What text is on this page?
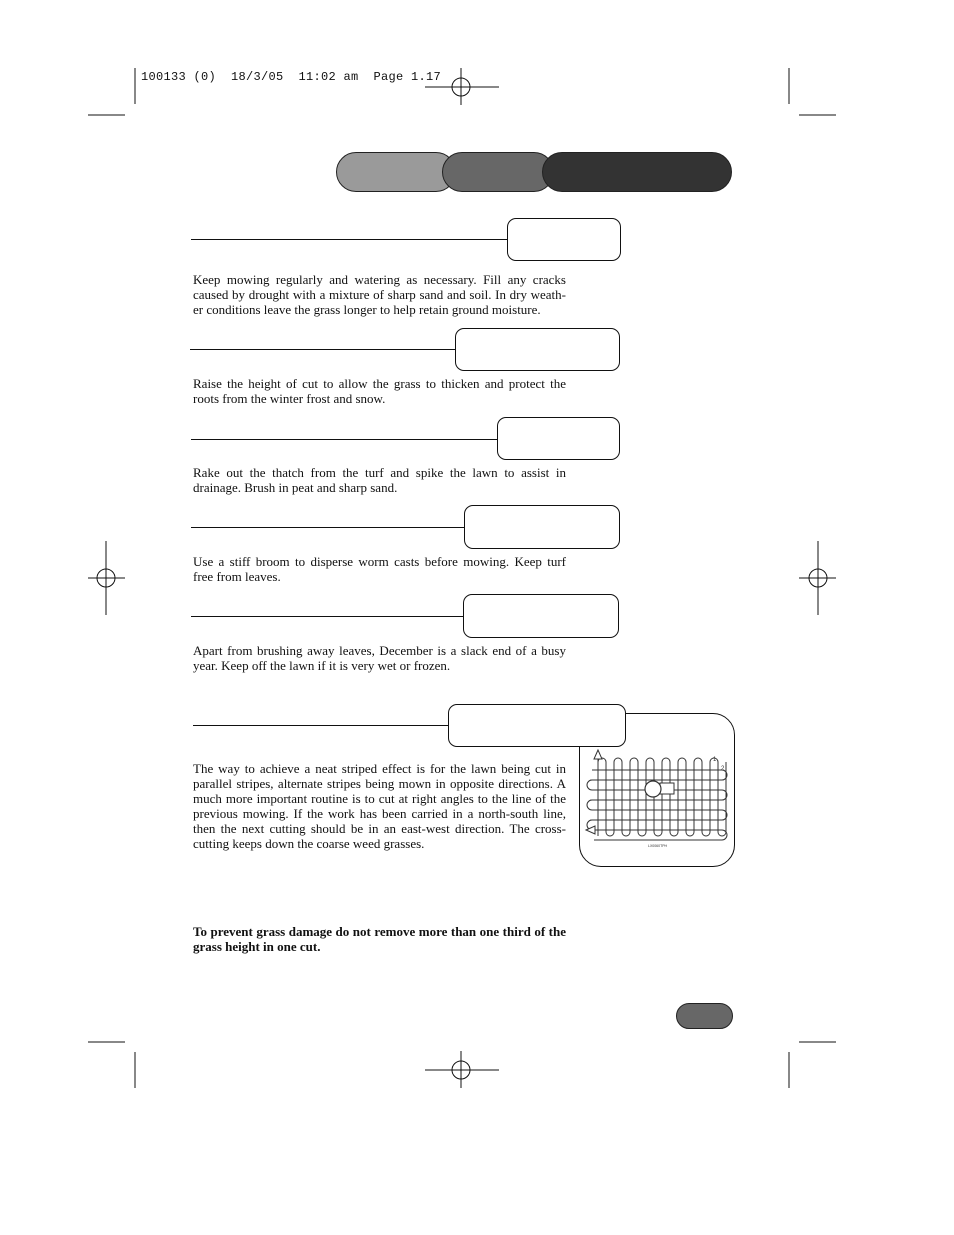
100133 (0)  18/3/05  11:02 am  Page 1.17
Keep mowing regularly and watering as necessary. Fill any cracks caused by drought with a mixture of sharp sand and soil. In dry weath-er conditions leave the grass longer to help retain ground moisture.
Raise the height of cut to allow the grass to thicken and protect the roots from the winter frost and snow.
Rake out the thatch from the turf and spike the lawn to assist in drainage. Brush in peat and sharp sand.
Use a stiff broom to disperse worm casts before mowing. Keep turf free from leaves.
Apart from brushing away leaves, December is a slack end of a busy year. Keep off the lawn if it is very wet or frozen.
1
2
LX0060TPH
The way to achieve a neat striped effect is for the lawn being cut in parallel stripes, alternate stripes being mown in opposite directions. A much more important routine is to cut at right angles to the line of the previous mowing. If the work has been carried in a north-south line, then the next cutting should be in an east-west direction. The cross-cutting keeps down the coarse weed grasses.
To prevent grass damage do not remove more than one third of the grass height in one cut.
